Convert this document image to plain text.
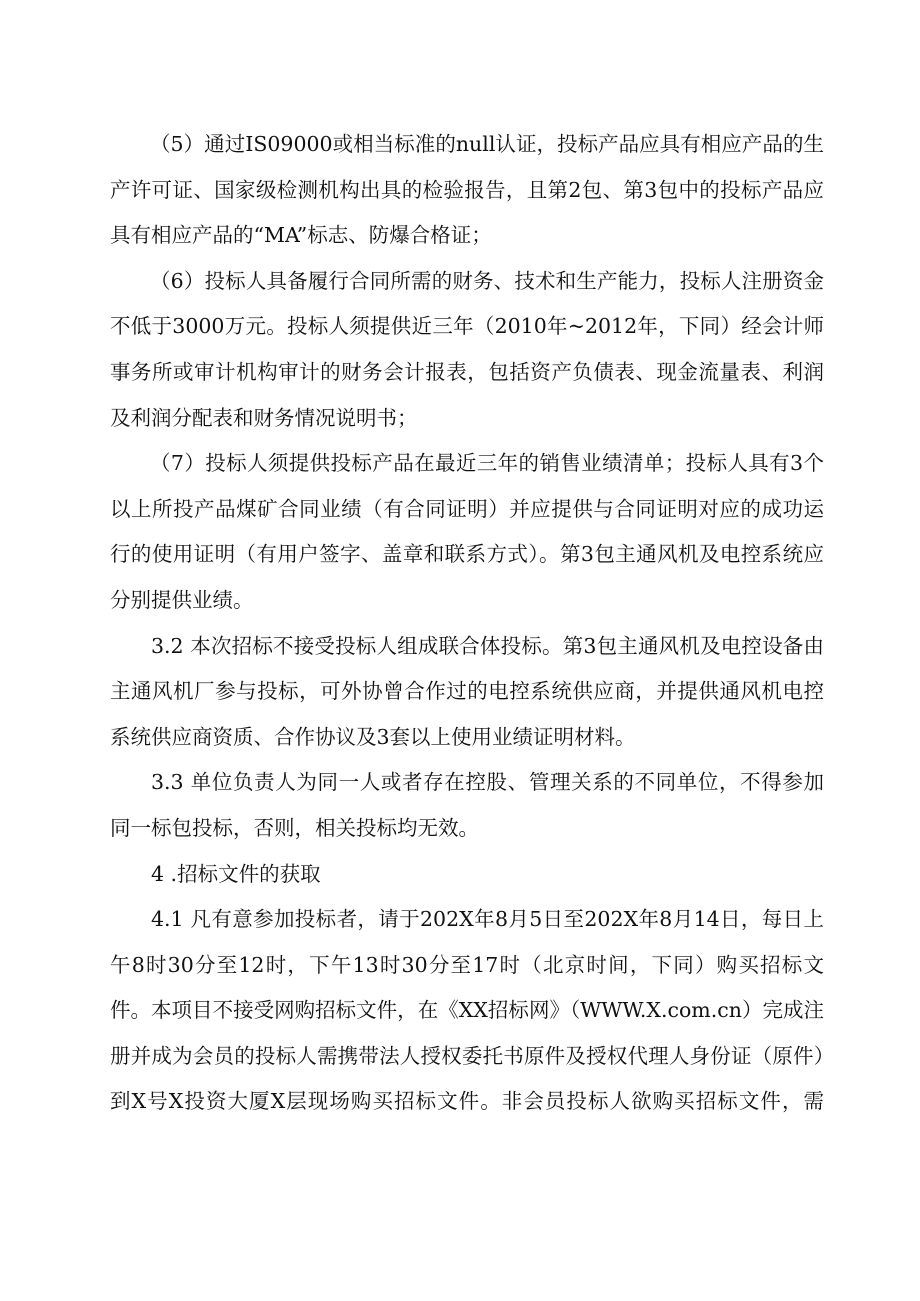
（5）通过IS09000或相当标准的null认证，投标产品应具有相应产品的生产许可证、国家级检测机构出具的检验报告，且第2包、第3包中的投标产品应具有相应产品的“MA”标志、防爆合格证；

（6）投标人具备履行合同所需的财务、技术和生产能力，投标人注册资金不低于3000万元。投标人须提供近三年（2010年~2012年，下同）经会计师事务所或审计机构审计的财务会计报表，包括资产负债表、现金流量表、利润及利润分配表和财务情况说明书；

（7）投标人须提供投标产品在最近三年的销售业绩清单；投标人具有3个以上所投产品煤矿合同业绩（有合同证明）并应提供与合同证明对应的成功运行的使用证明（有用户签字、盖章和联系方式）。第3包主通风机及电控系统应分别提供业绩。

3.2 本次招标不接受投标人组成联合体投标。第3包主通风机及电控设备由主通风机厂参与投标，可外协曾合作过的电控系统供应商，并提供通风机电控系统供应商资质、合作协议及3套以上使用业绩证明材料。

3.3 单位负责人为同一人或者存在控股、管理关系的不同单位，不得参加同一标包投标，否则，相关投标均无效。

4 .招标文件的获取

4.1 凡有意参加投标者，请于202X年8月5日至202X年8月14日，每日上午8时30分至12时，下午13时30分至17时（北京时间，下同）购买招标文件。本项目不接受网购招标文件，在《XX招标网》（WWW.X.com.cn）完成注册并成为会员的投标人需携带法人授权委托书原件及授权代理人身份证（原件）到X号X投资大厦X层现场购买招标文件。非会员投标人欲购买招标文件，需
